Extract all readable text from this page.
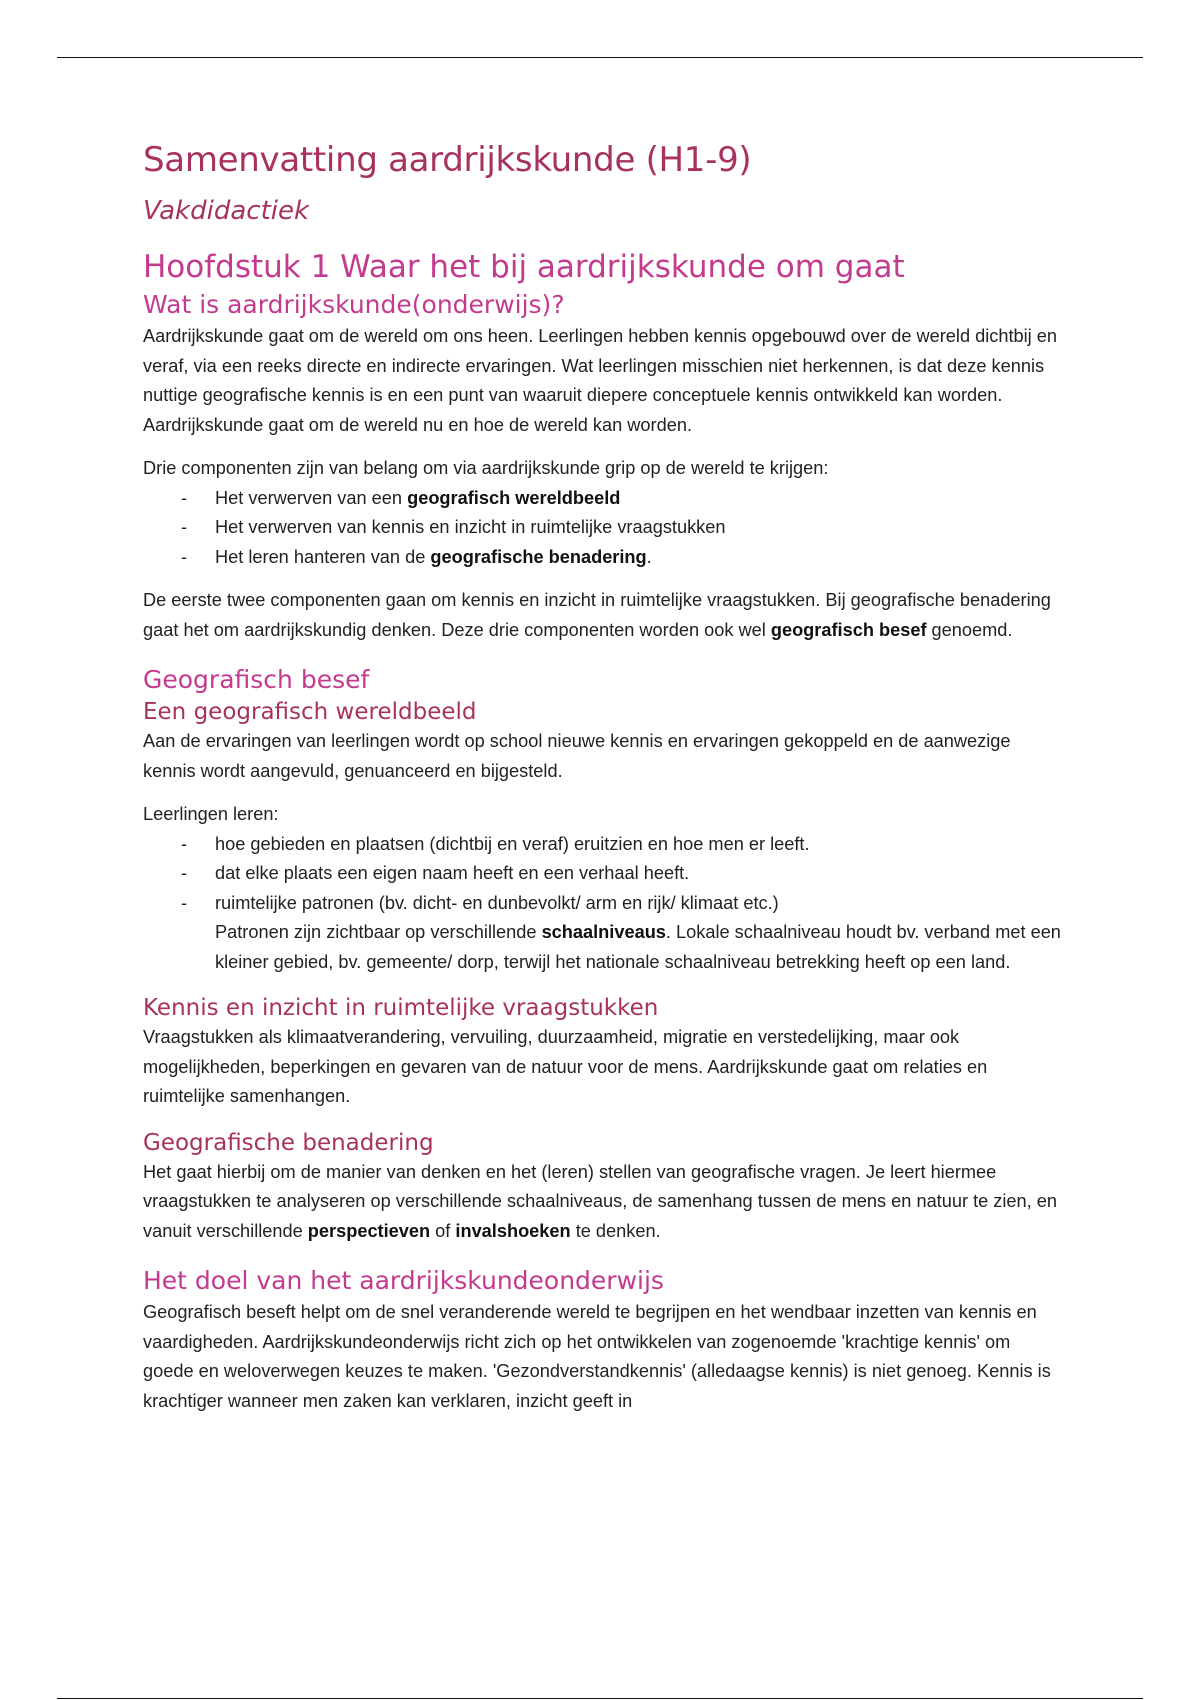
Samenvatting aardrijkskunde (H1-9)
Vakdidactiek
Hoofdstuk 1 Waar het bij aardrijkskunde om gaat
Wat is aardrijkskunde(onderwijs)?

Aardrijkskunde gaat om de wereld om ons heen. Leerlingen hebben kennis opgebouwd over de wereld dichtbij en veraf, via een reeks directe en indirecte ervaringen. Wat leerlingen misschien niet herkennen, is dat deze kennis nuttige geografische kennis is en een punt van waaruit diepere conceptuele kennis ontwikkeld kan worden. Aardrijkskunde gaat om de wereld nu en hoe de wereld kan worden.

Drie componenten zijn van belang om via aardrijkskunde grip op de wereld te krijgen:

- Het verwerven van een geografisch wereldbeeld
- Het verwerven van kennis en inzicht in ruimtelijke vraagstukken
- Het leren hanteren van de geografische benadering.

De eerste twee componenten gaan om kennis en inzicht in ruimtelijke vraagstukken. Bij geografische benadering gaat het om aardrijkskundig denken. Deze drie componenten worden ook wel geografisch besef genoemd.

Geografisch besef
Een geografisch wereldbeeld

Aan de ervaringen van leerlingen wordt op school nieuwe kennis en ervaringen gekoppeld en de aanwezige kennis wordt aangevuld, genuanceerd en bijgesteld.

Leerlingen leren:

- hoe gebieden en plaatsen (dichtbij en veraf) eruitzien en hoe men er leeft.
- dat elke plaats een eigen naam heeft en een verhaal heeft.
- ruimtelijke patronen (bv. dicht- en dunbevolkt/ arm en rijk/ klimaat etc.)
Patronen zijn zichtbaar op verschillende schaalniveaus. Lokale schaalniveau houdt bv. verband met een kleiner gebied, bv. gemeente/ dorp, terwijl het nationale schaalniveau betrekking heeft op een land.
Kennis en inzicht in ruimtelijke vraagstukken

Vraagstukken als klimaatverandering, vervuiling, duurzaamheid, migratie en verstedelijking, maar ook mogelijkheden, beperkingen en gevaren van de natuur voor de mens. Aardrijkskunde gaat om relaties en ruimtelijke samenhangen.

Geografische benadering

Het gaat hierbij om de manier van denken en het (leren) stellen van geografische vragen. Je leert hiermee vraagstukken te analyseren op verschillende schaalniveaus, de samenhang tussen de mens en natuur te zien, en vanuit verschillende perspectieven of invalshoeken te denken.

Het doel van het aardrijkskundeonderwijs

Geografisch beseft helpt om de snel veranderende wereld te begrijpen en het wendbaar inzetten van kennis en vaardigheden. Aardrijkskundeonderwijs richt zich op het ontwikkelen van zogenoemde 'krachtige kennis' om goede en weloverwegen keuzes te maken. 'Gezondverstandkennis' (alledaagse kennis) is niet genoeg. Kennis is krachtiger wanneer men zaken kan verklaren, inzicht geeft in
